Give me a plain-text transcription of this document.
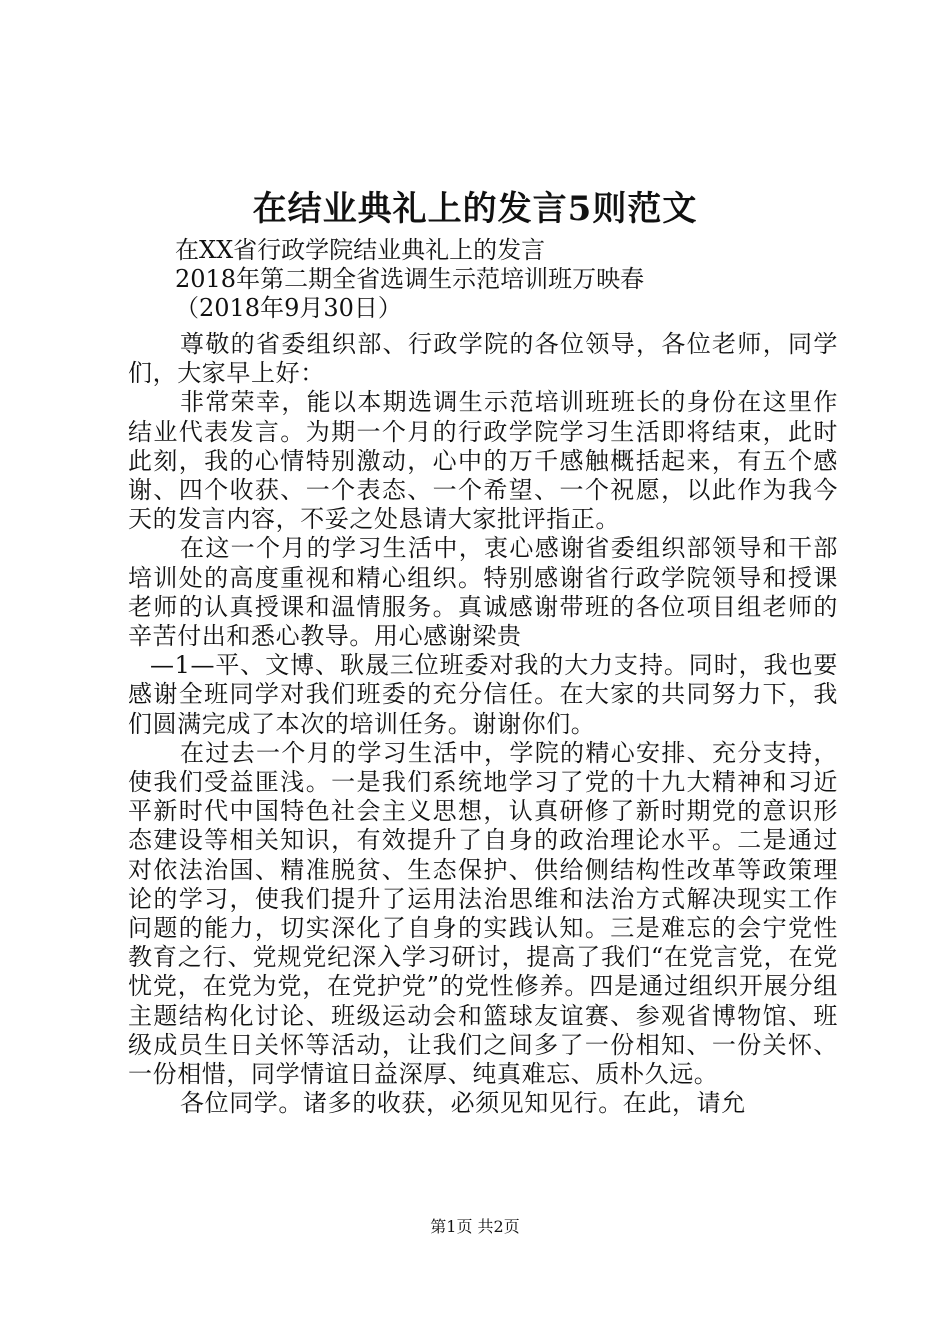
在结业典礼上的发言5则范文
在XX省行政学院结业典礼上的发言
2018年第二期全省选调生示范培训班万映春
（2018年9月30日）

尊敬的省委组织部、行政学院的各位领导，各位老师，同学们，大家早上好：

非常荣幸，能以本期选调生示范培训班班长的身份在这里作结业代表发言。为期一个月的行政学院学习生活即将结束，此时此刻，我的心情特别激动，心中的万千感触概括起来，有五个感谢、四个收获、一个表态、一个希望、一个祝愿，以此作为我今天的发言内容，不妥之处恳请大家批评指正。

在这一个月的学习生活中，衷心感谢省委组织部领导和干部培训处的高度重视和精心组织。特别感谢省行政学院领导和授课老师的认真授课和温情服务。真诚感谢带班的各位项目组老师的辛苦付出和悉心教导。用心感谢梁贵

—1—平、文博、耿晟三位班委对我的大力支持。同时，我也要感谢全班同学对我们班委的充分信任。在大家的共同努力下，我们圆满完成了本次的培训任务。谢谢你们。

在过去一个月的学习生活中，学院的精心安排、充分支持，使我们受益匪浅。一是我们系统地学习了党的十九大精神和习近平新时代中国特色社会主义思想，认真研修了新时期党的意识形态建设等相关知识，有效提升了自身的政治理论水平。二是通过对依法治国、精准脱贫、生态保护、供给侧结构性改革等政策理论的学习，使我们提升了运用法治思维和法治方式解决现实工作问题的能力，切实深化了自身的实践认知。三是难忘的会宁党性教育之行、党规党纪深入学习研讨，提高了我们“在党言党，在党忧党，在党为党，在党护党”的党性修养。四是通过组织开展分组主题结构化讨论、班级运动会和篮球友谊赛、参观省博物馆、班级成员生日关怀等活动，让我们之间多了一份相知、一份关怀、一份相惜，同学情谊日益深厚、纯真难忘、质朴久远。

各位同学。诸多的收获，必须见知见行。在此，请允

第1页 共2页
